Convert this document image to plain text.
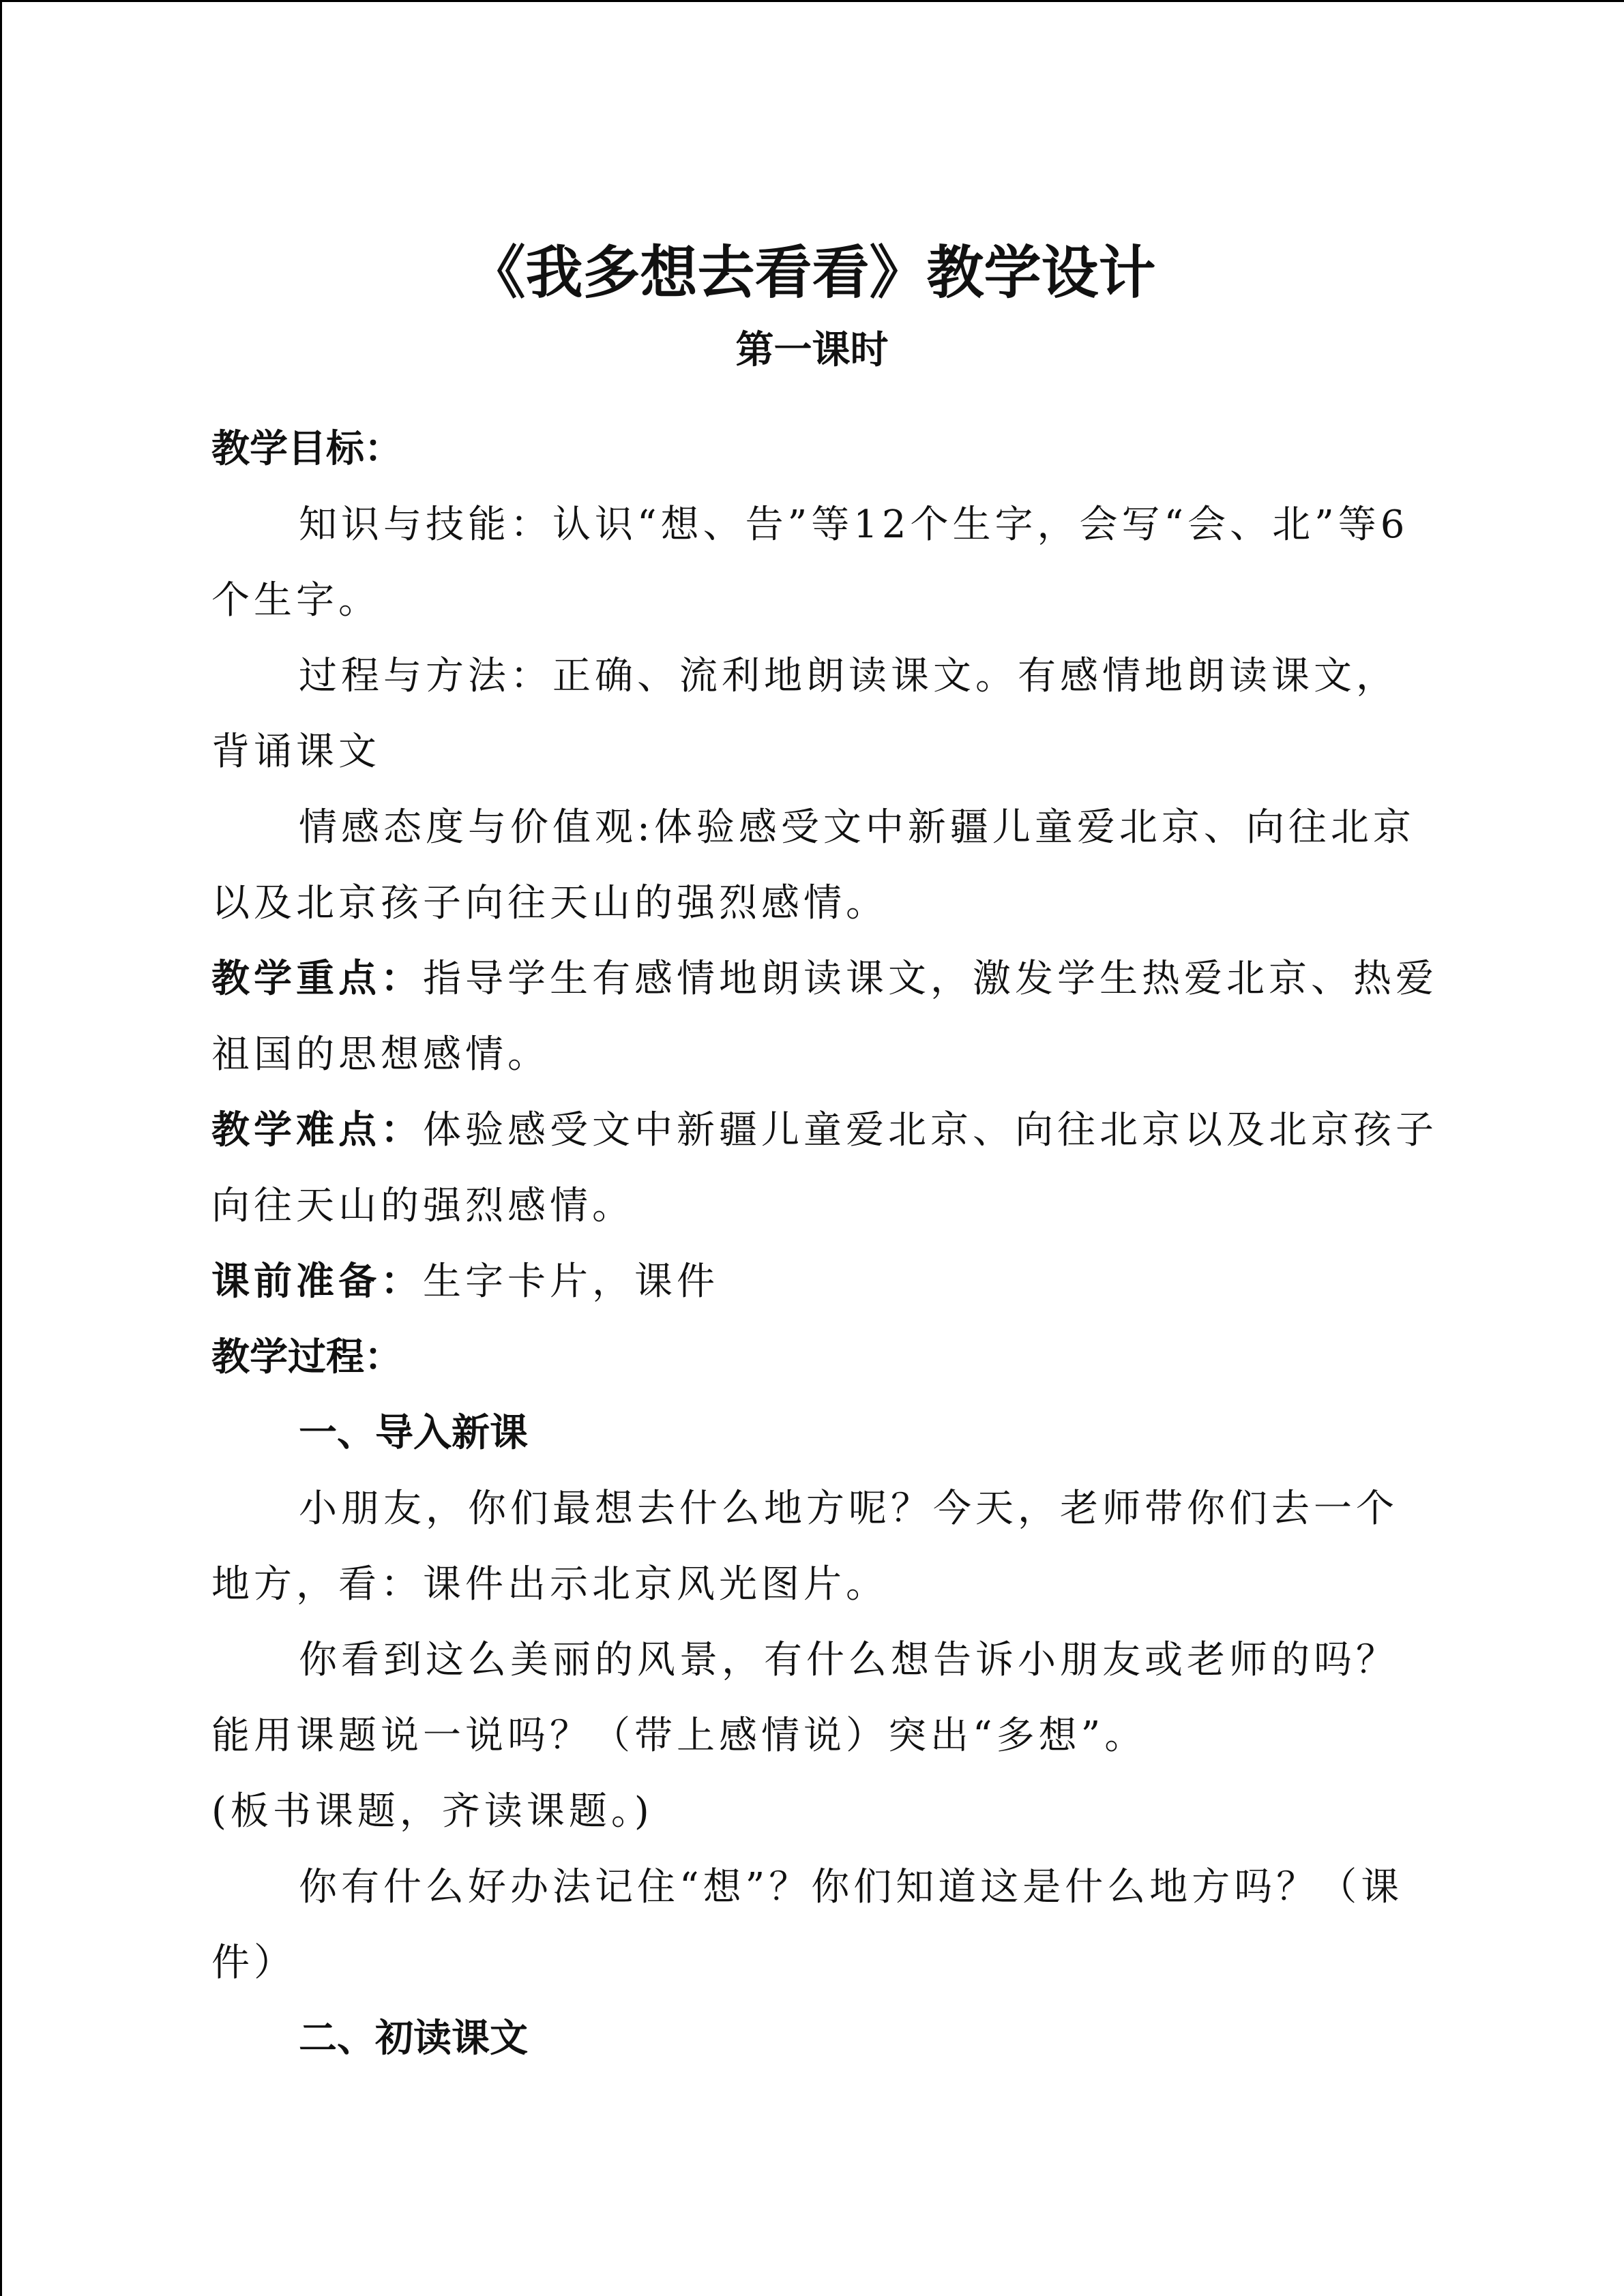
《我多想去看看》教学设计
第一课时

教学目标：

知识与技能：认识“想、告”等12个生字，会写“会、北”等6个生字。

过程与方法：正确、流利地朗读课文。有感情地朗读课文，背诵课文

情感态度与价值观:体验感受文中新疆儿童爱北京、向往北京以及北京孩子向往天山的强烈感情。

教学重点：指导学生有感情地朗读课文，激发学生热爱北京、热爱祖国的思想感情。

教学难点：体验感受文中新疆儿童爱北京、向往北京以及北京孩子向往天山的强烈感情。

课前准备：生字卡片，课件

教学过程：

一、导入新课

小朋友，你们最想去什么地方呢？今天，老师带你们去一个地方，看：课件出示北京风光图片。

你看到这么美丽的风景，有什么想告诉小朋友或老师的吗？能用课题说一说吗？（带上感情说）突出“多想”。

(板书课题，齐读课题。)

你有什么好办法记住“想”？你们知道这是什么地方吗？（课件）

二、初读课文
